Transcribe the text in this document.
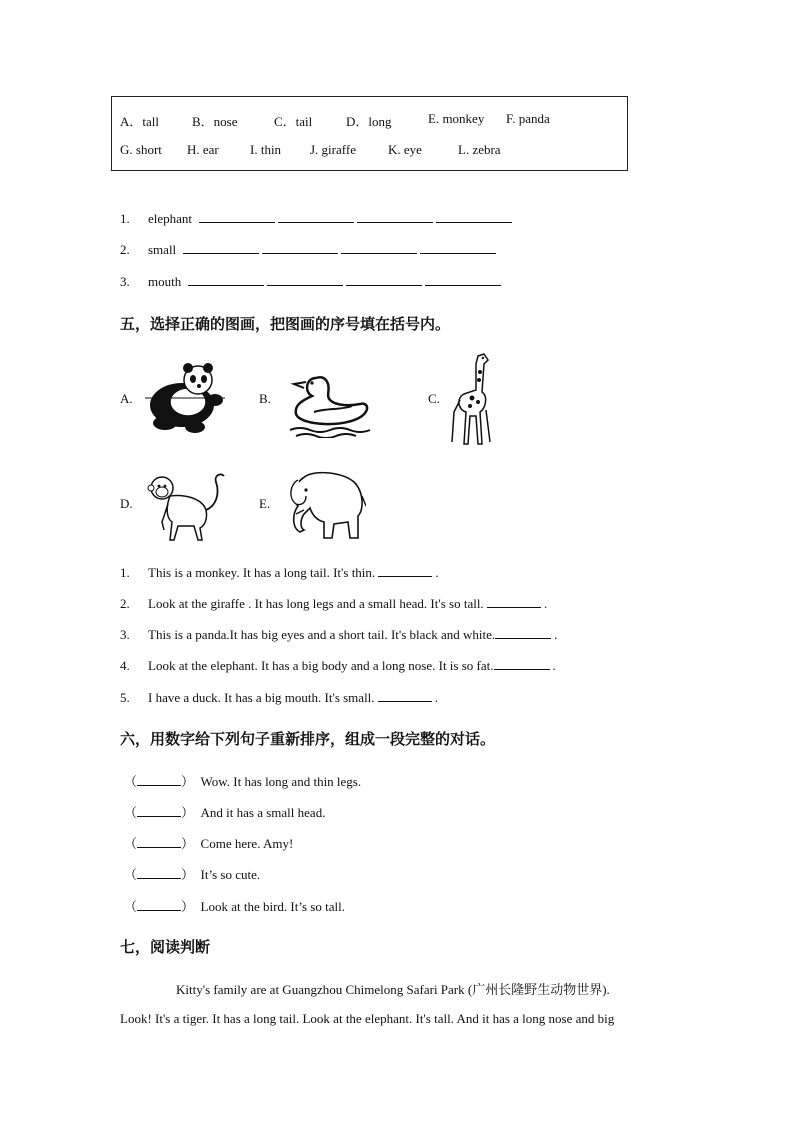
A．tall	B．nose	C．tail	D．long	E. monkey F. panda
G. short H. ear I. thin J. giraffe K. eye	L. zebra
1. elephant
2. small
3. mouth
五，选择正确的图画，把图画的序号填在括号内。
A.	B.	C.
D.	E.
1. This is a monkey. It has a long tail. It's thin.	.
2. Look at the giraffe . It has long legs and a small head. It's so tall.	.
3. This is a panda.It has big eyes and a short tail. It's black and white.	.
4. Look at the elephant. It has a big body and a long nose. It is so fat.	.
5. I have a duck. It has a big mouth. It's small.	.
六，用数字给下列句子重新排序，组成一段完整的对话。
（	）  Wow. It has long and thin legs.
（	）  And it has a small head.
（	）  Come here. Amy!
（	）  It’s so cute.
（	）  Look at the bird. It’s so tall.
七，阅读判断
Kitty's family are at Guangzhou Chimelong Safari Park (广州长隆野生动物世界).
Look! It's a tiger. It has a long tail. Look at the elephant. It's tall. And it has a long nose and big
